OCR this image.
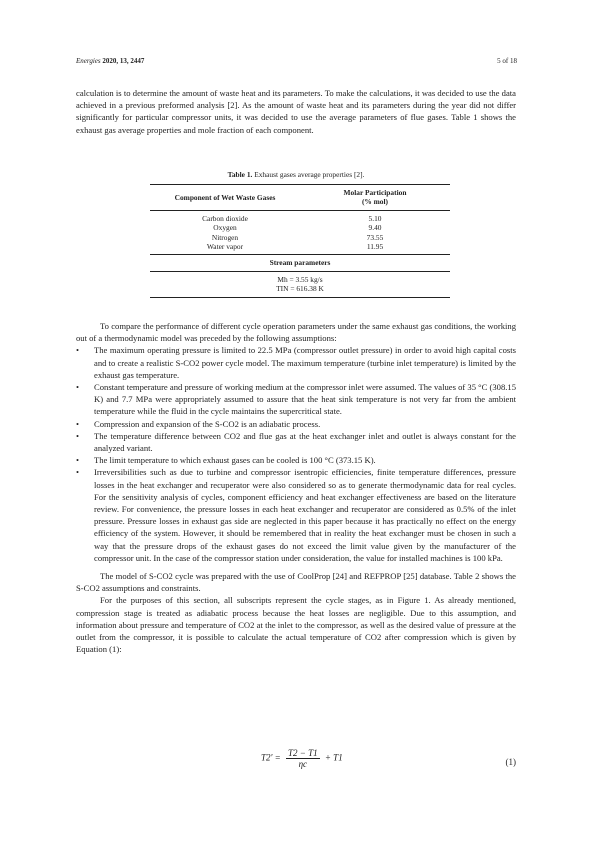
Energies 2020, 13, 2447	5 of 18

calculation is to determine the amount of waste heat and its parameters. To make the calculations, it was decided to use the data achieved in a previous preformed analysis [2]. As the amount of waste heat and its parameters during the year did not differ significantly for particular compressor units, it was decided to use the average parameters of flue gases. Table 1 shows the exhaust gas average properties and mole fraction of each component.

Table 1. Exhaust gases average properties [2].
Component of Wet Waste Gases	Molar Participation
(% mol)
Carbon dioxide	5.10
Oxygen	9.40
Nitrogen	73.55
Water vapor	11.95
Stream parameters	
Mh = 3.55 kg/s	
TIN = 616.38 K	

To compare the performance of different cycle operation parameters under the same exhaust gas conditions, the working out of a thermodynamic model was preceded by the following assumptions:

• The maximum operating pressure is limited to 22.5 MPa (compressor outlet pressure) in order to avoid high capital costs and to create a realistic S-CO2 power cycle model. The maximum temperature (turbine inlet temperature) is limited by the exhaust gas temperature.
• Constant temperature and pressure of working medium at the compressor inlet were assumed. The values of 35 °C (308.15 K) and 7.7 MPa were appropriately assumed to assure that the heat sink temperature is not very far from the ambient temperature while the fluid in the cycle maintains the supercritical state.
• Compression and expansion of the S-CO2 is an adiabatic process.
• The temperature difference between CO2 and flue gas at the heat exchanger inlet and outlet is always constant for the analyzed variant.
• The limit temperature to which exhaust gases can be cooled is 100 °C (373.15 K).
• Irreversibilities such as due to turbine and compressor isentropic efficiencies, finite temperature differences, pressure losses in the heat exchanger and recuperator were also considered so as to generate thermodynamic data for real cycles. For the sensitivity analysis of cycles, component efficiency and heat exchanger effectiveness are based on the literature review. For convenience, the pressure losses in each heat exchanger and recuperator are considered as 0.5% of the inlet pressure. Pressure losses in exhaust gas side are neglected in this paper because it has practically no effect on the energy efficiency of the system. However, it should be remembered that in reality the heat exchanger must be chosen in such a way that the pressure drops of the exhaust gases do not exceed the limit value given by the manufacturer of the compressor unit. In the case of the compressor station under consideration, the value for installed machines is 100 kPa.

The model of S-CO2 cycle was prepared with the use of CoolProp [24] and REFPROP [25] database. Table 2 shows the S-CO2 assumptions and constraints.

For the purposes of this section, all subscripts represent the cycle stages, as in Figure 1. As already mentioned, compression stage is treated as adiabatic process because the heat losses are negligible. Due to this assumption, and information about pressure and temperature of CO2 at the inlet to the compressor, as well as the desired value of pressure at the outlet from the compressor, it is possible to calculate the actual temperature of CO2 after compression which is given by Equation (1):

$T2' = \frac{T2 - T1}{\eta c} + T1$	(1)
